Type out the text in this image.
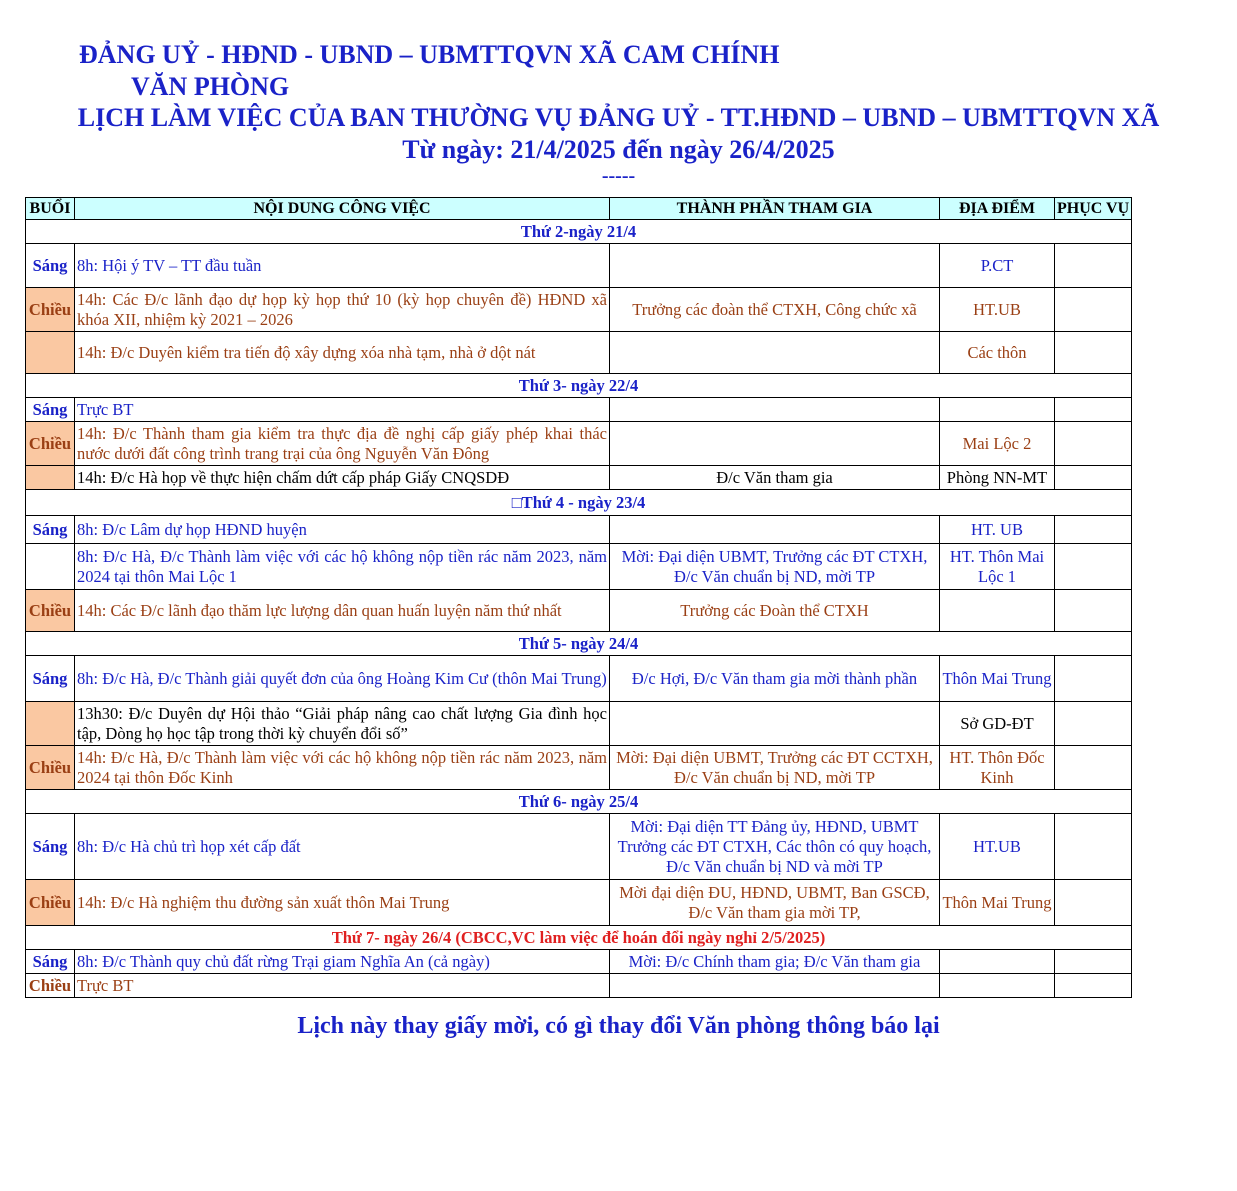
ĐẢNG UỶ - HĐND - UBND – UBMTTQVN XÃ CAM CHÍNH
VĂN PHÒNG
LỊCH LÀM VIỆC CỦA BAN THƯỜNG VỤ ĐẢNG UỶ - TT.HĐND – UBND – UBMTTQVN XÃ
Từ ngày: 21/4/2025 đến ngày 26/4/2025
-----
BUỔI	NỘI DUNG CÔNG VIỆC	THÀNH PHẦN THAM GIA	ĐỊA ĐIỂM	PHỤC VỤ
Thứ 2-ngày 21/4				
Sáng	8h: Hội ý TV – TT đầu tuần		P.CT	
Chiều	14h: Các Đ/c lãnh đạo dự họp kỳ họp thứ 10 (kỳ họp chuyên đề) HĐND xã khóa XII, nhiệm kỳ 2021 – 2026	Trưởng các đoàn thể CTXH, Công chức xã	HT.UB	
	14h: Đ/c Duyên kiểm tra tiến độ xây dựng xóa nhà tạm, nhà ở dột nát		Các thôn	
Thứ 3- ngày 22/4				
Sáng	Trực BT			
Chiều	14h: Đ/c Thành tham gia kiểm tra thực địa đề nghị cấp giấy phép khai thác nước dưới đất công trình trang trại của ông Nguyễn Văn Đông		Mai Lộc 2	
	14h: Đ/c Hà họp về thực hiện chấm dứt cấp pháp Giấy CNQSDĐ	Đ/c Văn tham gia	Phòng NN-MT	
□Thứ 4 - ngày 23/4				
Sáng	8h: Đ/c Lâm dự họp HĐND huyện		HT. UB	
	8h: Đ/c Hà, Đ/c Thành làm việc với các hộ không nộp tiền rác năm 2023, năm 2024 tại thôn Mai Lộc 1	Mời: Đại diện UBMT, Trưởng các ĐT CTXH, Đ/c Văn chuẩn bị ND, mời TP	HT. Thôn Mai Lộc 1	
Chiều	14h: Các Đ/c lãnh đạo thăm lực lượng dân quan huấn luyện năm thứ nhất	Trưởng các Đoàn thể CTXH		
Thứ 5- ngày 24/4				
Sáng	8h: Đ/c Hà, Đ/c Thành giải quyết đơn của ông Hoàng Kim Cư (thôn Mai Trung)	Đ/c Hợi, Đ/c Văn tham gia mời thành phần	Thôn Mai Trung	
	13h30: Đ/c Duyên dự Hội thảo “Giải pháp nâng cao chất lượng Gia đình học tập, Dòng họ học tập trong thời kỳ chuyển đổi số”		Sở GD-ĐT	
Chiều	14h: Đ/c Hà, Đ/c Thành làm việc với các hộ không nộp tiền rác năm 2023, năm 2024 tại thôn Đốc Kinh	Mời: Đại diện UBMT, Trưởng các ĐT CCTXH, Đ/c Văn chuẩn bị ND, mời TP	HT. Thôn Đốc Kinh	
Thứ 6- ngày 25/4				
Sáng	8h: Đ/c Hà chủ trì họp xét cấp đất	Mời: Đại diện TT Đảng ủy, HĐND, UBMT Trưởng các ĐT CTXH, Các thôn có quy hoạch, Đ/c Văn chuẩn bị ND và mời TP	HT.UB	
Chiều	14h: Đ/c Hà nghiệm thu đường sản xuất thôn Mai Trung	Mời đại diện ĐU, HĐND, UBMT, Ban GSCĐ, Đ/c Văn tham gia mời TP,	Thôn Mai Trung	
Thứ 7- ngày 26/4 (CBCC,VC làm việc để hoán đổi ngày nghỉ 2/5/2025)				
Sáng	8h: Đ/c Thành quy chủ đất rừng Trại giam Nghĩa An (cả ngày)	Mời: Đ/c Chính tham gia; Đ/c Văn tham gia		
Chiều	Trực BT			
Lịch này thay giấy mời, có gì thay đổi Văn phòng thông báo lại
